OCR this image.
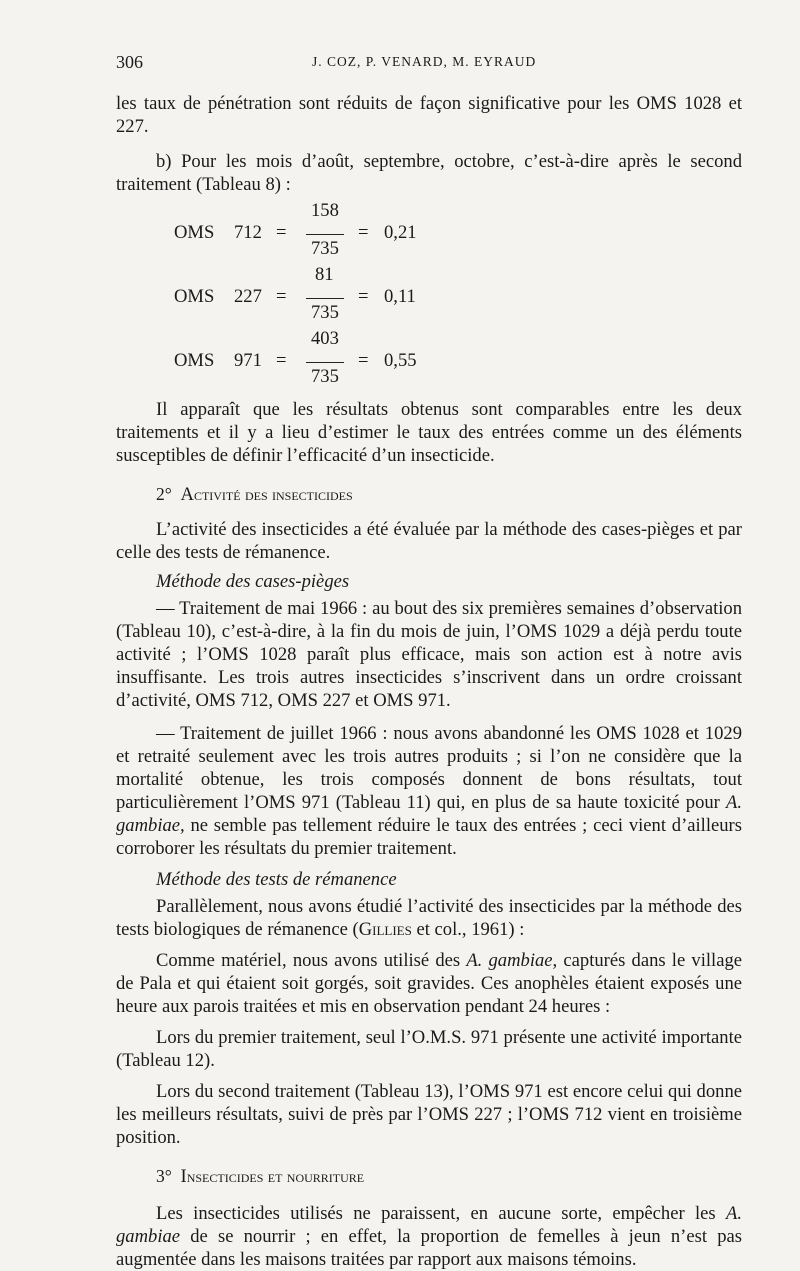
306	J. COZ, P. VENARD, M. EYRAUD

les taux de pénétration sont réduits de façon significative pour les OMS 1028 et 227.

b) Pour les mois d’août, septembre, octobre, c’est-à-dire après le second traitement (Tableau 8) :

OMS 712 =
158
735
= 0,21
OMS 227 =
81
735
= 0,11
OMS 971 =
403
735
= 0,55

Il apparaît que les résultats obtenus sont comparables entre les deux traitements et il y a lieu d’estimer le taux des entrées comme un des éléments susceptibles de définir l’efficacité d’un insecticide.

2° Activité des insecticides

L’activité des insecticides a été évaluée par la méthode des cases-pièges et par celle des tests de rémanence.

Méthode des cases-pièges

— Traitement de mai 1966 : au bout des six premières semaines d’observation (Tableau 10), c’est-à-dire, à la fin du mois de juin, l’OMS 1029 a déjà perdu toute activité ; l’OMS 1028 paraît plus efficace, mais son action est à notre avis insuffisante. Les trois autres insecticides s’inscrivent dans un ordre croissant d’activité, OMS 712, OMS 227 et OMS 971.

— Traitement de juillet 1966 : nous avons abandonné les OMS 1028 et 1029 et retraité seulement avec les trois autres produits ; si l’on ne considère que la mortalité obtenue, les trois composés donnent de bons résultats, tout particulièrement l’OMS 971 (Tableau 11) qui, en plus de sa haute toxicité pour A. gambiae, ne semble pas tellement réduire le taux des entrées ; ceci vient d’ailleurs corroborer les résultats du premier traitement.

Méthode des tests de rémanence

Parallèlement, nous avons étudié l’activité des insecticides par la méthode des tests biologiques de rémanence (Gillies et col., 1961) :

Comme matériel, nous avons utilisé des A. gambiae, capturés dans le village de Pala et qui étaient soit gorgés, soit gravides. Ces anophèles étaient exposés une heure aux parois traitées et mis en observation pendant 24 heures :

Lors du premier traitement, seul l’O.M.S. 971 présente une activité importante (Tableau 12).

Lors du second traitement (Tableau 13), l’OMS 971 est encore celui qui donne les meilleurs résultats, suivi de près par l’OMS 227 ; l’OMS 712 vient en troisième position.

3° Insecticides et nourriture

Les insecticides utilisés ne paraissent, en aucune sorte, empêcher les A. gambiae de se nourrir ; en effet, la proportion de femelles à jeun n’est pas augmentée dans les maisons traitées par rapport aux maisons témoins.
